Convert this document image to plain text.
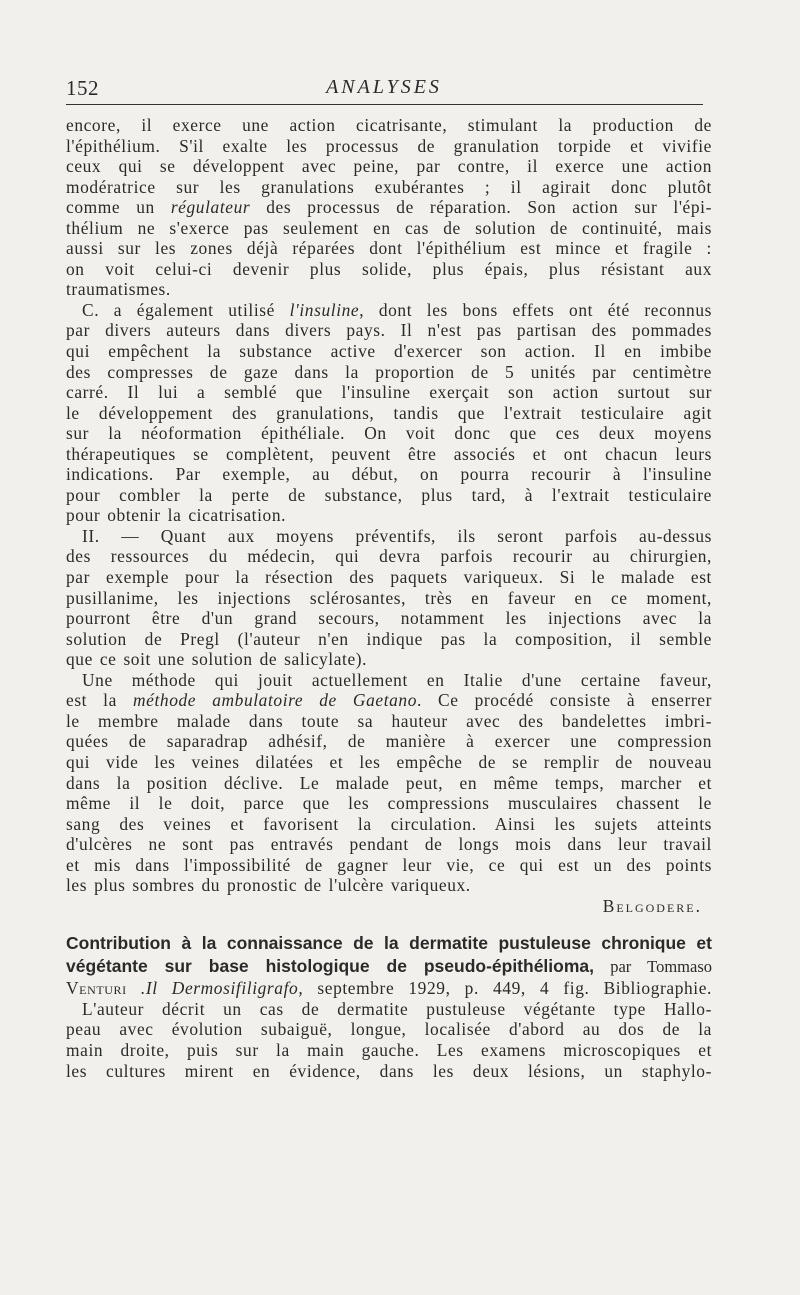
152	ANALYSES
encore, il exerce une action cicatrisante, stimulant la production de
l'épithélium. S'il exalte les processus de granulation torpide et vivifie
ceux qui se développent avec peine, par contre, il exerce une action
modératrice sur les granulations exubérantes ; il agirait donc plutôt
comme un régulateur des processus de réparation. Son action sur l'épi-
thélium ne s'exerce pas seulement en cas de solution de continuité, mais
aussi sur les zones déjà réparées dont l'épithélium est mince et fragile :
on voit celui-ci devenir plus solide, plus épais, plus résistant aux
traumatismes.
C. a également utilisé l'insuline, dont les bons effets ont été reconnus
par divers auteurs dans divers pays. Il n'est pas partisan des pommades
qui empêchent la substance active d'exercer son action. Il en imbibe
des compresses de gaze dans la proportion de 5 unités par centimètre
carré. Il lui a semblé que l'insuline exerçait son action surtout sur
le développement des granulations, tandis que l'extrait testiculaire agit
sur la néoformation épithéliale. On voit donc que ces deux moyens
thérapeutiques se complètent, peuvent être associés et ont chacun leurs
indications. Par exemple, au début, on pourra recourir à l'insuline
pour combler la perte de substance, plus tard, à l'extrait testiculaire
pour obtenir la cicatrisation.
II. — Quant aux moyens préventifs, ils seront parfois au-dessus
des ressources du médecin, qui devra parfois recourir au chirurgien,
par exemple pour la résection des paquets variqueux. Si le malade est
pusillanime, les injections sclérosantes, très en faveur en ce moment,
pourront être d'un grand secours, notamment les injections avec la
solution de Pregl (l'auteur n'en indique pas la composition, il semble
que ce soit une solution de salicylate).
Une méthode qui jouit actuellement en Italie d'une certaine faveur,
est la méthode ambulatoire de Gaetano. Ce procédé consiste à enserrer
le membre malade dans toute sa hauteur avec des bandelettes imbri-
quées de saparadrap adhésif, de manière à exercer une compression
qui vide les veines dilatées et les empêche de se remplir de nouveau
dans la position déclive. Le malade peut, en même temps, marcher et
même il le doit, parce que les compressions musculaires chassent le
sang des veines et favorisent la circulation. Ainsi les sujets atteints
d'ulcères ne sont pas entravés pendant de longs mois dans leur travail
et mis dans l'impossibilité de gagner leur vie, ce qui est un des points
les plus sombres du pronostic de l'ulcère variqueux.
Belgodere.
Contribution à la connaissance de la dermatite pustuleuse chronique et
végétante sur base histologique de pseudo-épithélioma, par Tommaso
Venturi .Il Dermosifiligrafo, septembre 1929, p. 449, 4 fig. Bibliographie.
L'auteur décrit un cas de dermatite pustuleuse végétante type Hallo-
peau avec évolution subaiguë, longue, localisée d'abord au dos de la
main droite, puis sur la main gauche. Les examens microscopiques et
les cultures mirent en évidence, dans les deux lésions, un staphylo-
